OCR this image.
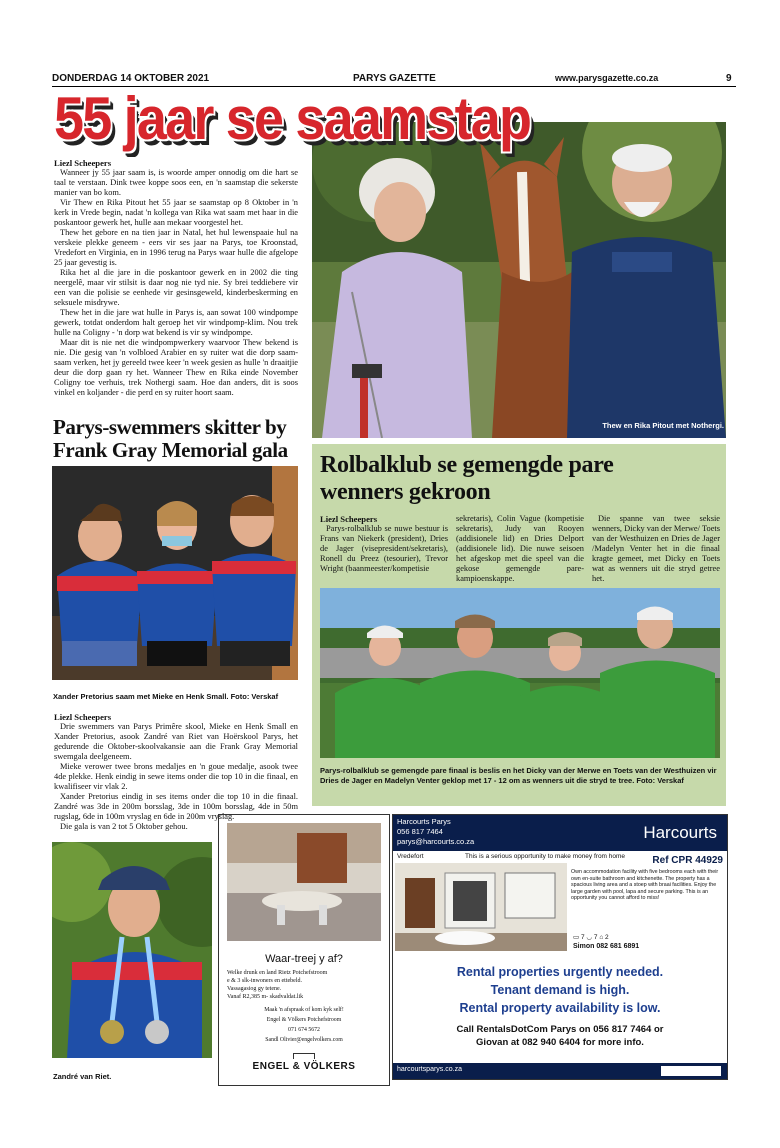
DONDERDAG 14 OKTOBER 2021	PARYS GAZETTE	www.parysgazette.co.za	9
55 jaar se saamstap
Liezl Scheepers

Wanneer jy 55 jaar saam is, is woorde amper onnodig om die hart se taal te verstaan. Dink twee koppe soos een, en 'n saamstap die sekerste manier van bo kom.

Vir Thew en Rika Pitout het 55 jaar se saamstap op 8 Oktober in 'n kerk in Vrede begin, nadat 'n kollega van Rika wat saam met haar in die poskantoor gewerk het, hulle aan mekaar voorgestel het.

Thew het gebore en na tien jaar in Natal, het hul lewenspaaie hul na verskeie plekke geneem - eers vir ses jaar na Parys, toe Kroonstad, Vredefort en Virginia, en in 1996 terug na Parys waar hulle die afgelope 25 jaar gevestig is.

Rika het al die jare in die poskantoor gewerk en in 2002 die ting neergelê, maar vir stilsit is daar nog nie tyd nie. Sy brei teddiebere vir een van die polisie se eenhede vir gesinsgeweld, kinderbeskerming en seksuele misdrywe.

Thew het in die jare wat hulle in Parys is, aan sowat 100 windpompe gewerk, totdat onderdom halt geroep het vir windpomp-klim. Nou trek hulle na Coligny - 'n dorp wat bekend is vir sy windpompe.

Maar dit is nie net die windpompwerkery waarvoor Thew bekend is nie. Die gesig van 'n volbloed Arabier en sy ruiter wat die dorp saam-saam verken, het jy gereeld twee keer 'n week gesien as hulle 'n draaitjie deur die dorp gaan ry het. Wanneer Thew en Rika einde November Coligny toe verhuis, trek Nothergi saam. Hoe dan anders, dit is soos vinkel en koljander - die perd en sy ruiter hoort saam.

Thew en Rika Pitout met Nothergi.
Parys-swemmers skitter by
Frank Gray Memorial gala
Xander Pretorius saam met Mieke en Henk Small. Foto: Verskaf
Liezl Scheepers

Drie swemmers van Parys Primêre skool, Mieke en Henk Small en Xander Pretorius, asook Zandré van Riet van Hoërskool Parys, het gedurende die Oktober-skoolvakansie aan die Frank Gray Memorial swemgala deelgeneem.

Mieke verower twee brons medaljes en 'n goue medalje, asook twee 4de plekke. Henk eindig in sewe items onder die top 10 in die finaal, en kwalifiseer vir vlak 2.

Xander Pretorius eindig in ses items onder die top 10 in die finaal. Zandré was 3de in 200m borsslag, 3de in 100m borsslag, 4de in 50m rugslag, 6de in 100m vryslag en 6de in 200m vryslag.

Die gala is van 2 tot 5 Oktober gehou.

Zandré van Riet.
Rolbalklub se gemengde pare
wenners gekroon
Liezl Scheepers

Parys-rolbalklub se nuwe bestuur is Frans van Niekerk (president), Dries de Jager (visepresident/sekretaris), Ronell du Preez (tesourier), Trevor Wright (baanmeester/kompetisie

sekretaris), Colin Vague (kompetisie sekretaris), Judy van Rooyen (addisionele lid) en Dries Delport (addisionele lid). Die nuwe seisoen het afgeskop met die speel van die gekose gemengde pare-kampioenskappe.
Die spanne van twee seksie wenners, Dicky van der Merwe/ Toets van der Westhuizen en Dries de Jager /Madelyn Venter het in die finaal kragte gemeet, met Dicky en Toets wat as wenners uit die stryd getree het.
Parys-rolbalklub se gemengde pare finaal is beslis en het Dicky van der Merwe en Toets van der Westhuizen vir Dries de Jager en Madelyn Venter geklop met 17 - 12 om as wenners uit die stryd te tree. Foto: Verskaf
Waar-treej y af?
Welke drunk en land Rietz Potchefstroom
e & 3 slk-inwoners en ettebeld.
Vassagasiog gy tetene.
Vanaf R2,385 m- skadvaldat.lik
Maak 'n afspraak of kom kyk self!
Engel & Völkers Potchefstroom
071 674 5672
Sandl Olivier@engelvolkers.com
ENGEL & VÖLKERS
Harcourts Parys
056 817 7464
parys@harcourts.co.za	Harcourts
Vredefort	This is a serious opportunity to make money from home	Ref CPR 44929
Own accommodation facility with five bedrooms each with their own en-suite bathroom and kitchenette. The property has a spacious living area and a stoep with braai facilities. Enjoy the large garden with pool, lapa and secure parking. This is an opportunity you cannot afford to miss!
▭ 7 ◡ 7 ⌂ 2
Simon 082 681 6891
Rental properties urgently needed.
Tenant demand is high.
Rental property availability is low.
Call RentalsDotCom Parys on 056 817 7464 or
Giovan at 082 940 6404 for more info.
harcourtsparys.co.za
